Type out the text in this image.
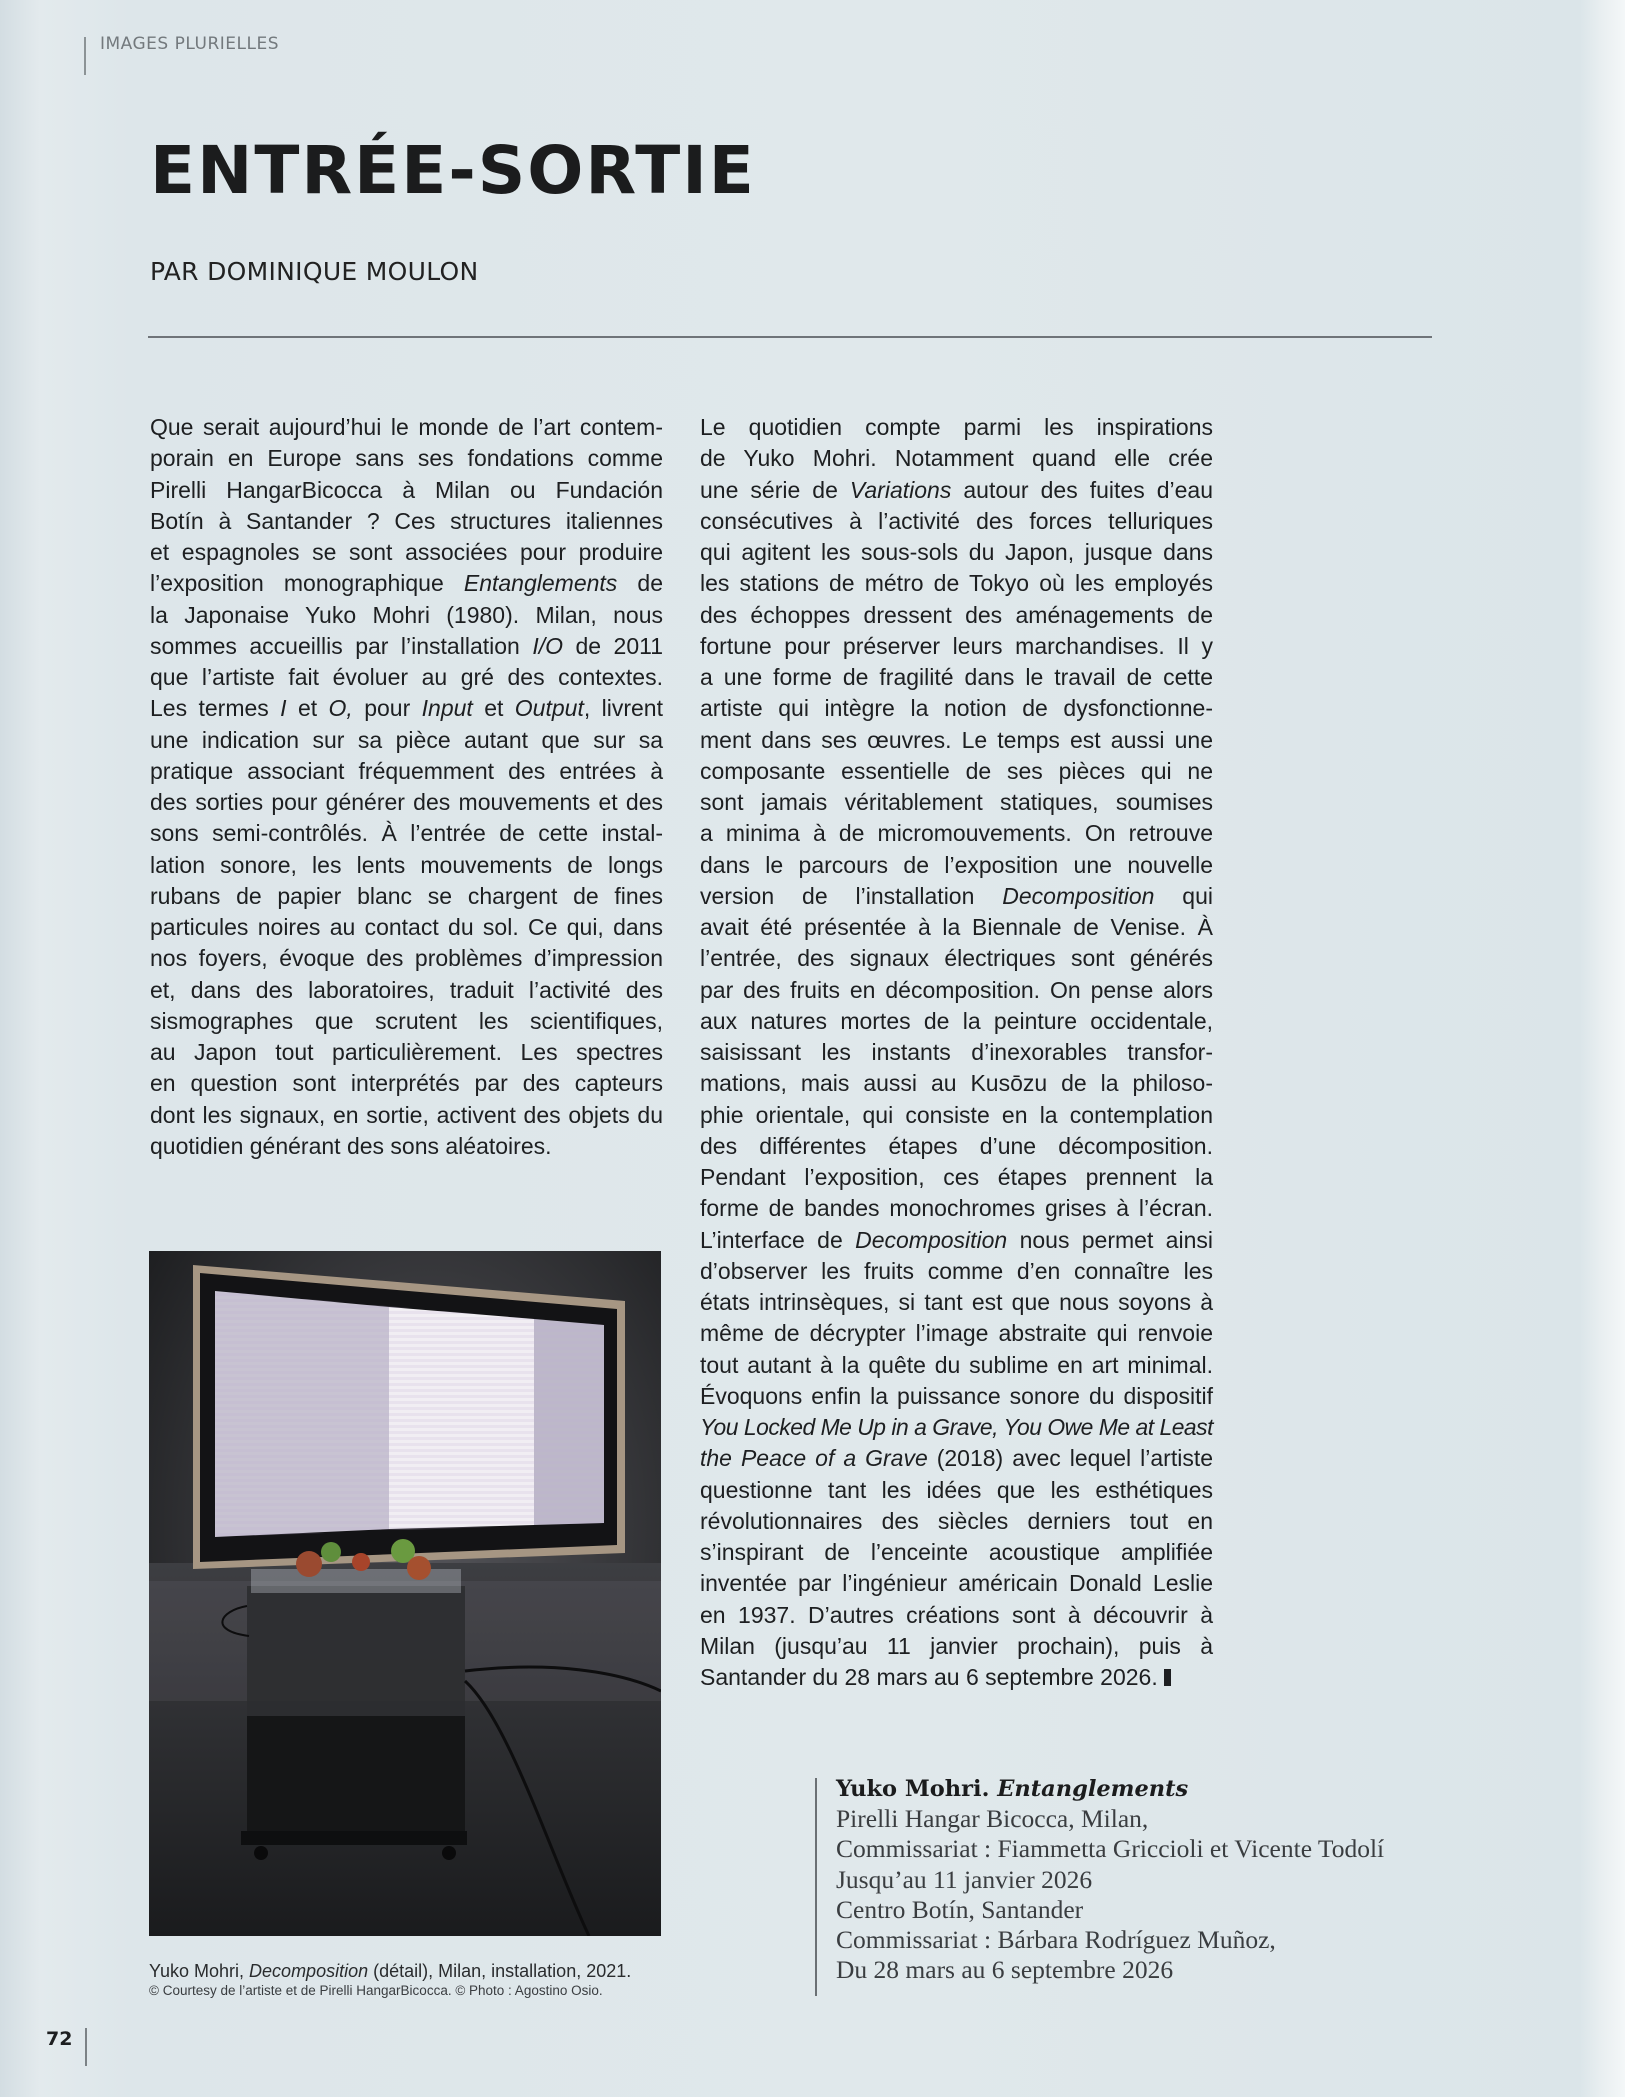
IMAGES PLURIELLES
ENTRÉE-SORTIE
PAR DOMINIQUE MOULON
Que serait aujourd’hui le monde de l’art contem-
porain en Europe sans ses fondations comme
Pirelli HangarBicocca à Milan ou Fundación
Botín à Santander ? Ces structures italiennes
et espagnoles se sont associées pour produire
l’exposition monographique Entanglements de
la Japonaise Yuko Mohri (1980). Milan, nous
sommes accueillis par l’installation I/O de 2011
que l’artiste fait évoluer au gré des contextes.
Les termes I et O, pour Input et Output, livrent
une indication sur sa pièce autant que sur sa
pratique associant fréquemment des entrées à
des sorties pour générer des mouvements et des
sons semi-contrôlés. À l’entrée de cette instal-
lation sonore, les lents mouvements de longs
rubans de papier blanc se chargent de fines
particules noires au contact du sol. Ce qui, dans
nos foyers, évoque des problèmes d’impression
et, dans des laboratoires, traduit l’activité des
sismographes que scrutent les scientifiques,
au Japon tout particulièrement. Les spectres
en question sont interprétés par des capteurs
dont les signaux, en sortie, activent des objets du
quotidien générant des sons aléatoires.
Le quotidien compte parmi les inspirations
de Yuko Mohri. Notamment quand elle crée
une série de Variations autour des fuites d’eau
consécutives à l’activité des forces telluriques
qui agitent les sous-sols du Japon, jusque dans
les stations de métro de Tokyo où les employés
des échoppes dressent des aménagements de
fortune pour préserver leurs marchandises. Il y
a une forme de fragilité dans le travail de cette
artiste qui intègre la notion de dysfonctionne-
ment dans ses œuvres. Le temps est aussi une
composante essentielle de ses pièces qui ne
sont jamais véritablement statiques, soumises
a minima à de micromouvements. On retrouve
dans le parcours de l’exposition une nouvelle
version de l’installation Decomposition qui
avait été présentée à la Biennale de Venise. À
l’entrée, des signaux électriques sont générés
par des fruits en décomposition. On pense alors
aux natures mortes de la peinture occidentale,
saisissant les instants d’inexorables transfor-
mations, mais aussi au Kusōzu de la philoso-
phie orientale, qui consiste en la contemplation
des différentes étapes d’une décomposition.
Pendant l’exposition, ces étapes prennent la
forme de bandes monochromes grises à l’écran.
L’interface de Decomposition nous permet ainsi
d’observer les fruits comme d’en connaître les
états intrinsèques, si tant est que nous soyons à
même de décrypter l’image abstraite qui renvoie
tout autant à la quête du sublime en art minimal.
Évoquons enfin la puissance sonore du dispositif
You Locked Me Up in a Grave, You Owe Me at Least
the Peace of a Grave (2018) avec lequel l’artiste
questionne tant les idées que les esthétiques
révolutionnaires des siècles derniers tout en
s’inspirant de l’enceinte acoustique amplifiée
inventée par l’ingénieur américain Donald Leslie
en 1937. D’autres créations sont à découvrir à
Milan (jusqu’au 11 janvier prochain), puis à
Santander du 28 mars au 6 septembre 2026.
Yuko Mohri, Decomposition (détail), Milan, installation, 2021.
© Courtesy de l’artiste et de Pirelli HangarBicocca. © Photo : Agostino Osio.
Yuko Mohri. Entanglements
Pirelli Hangar Bicocca, Milan,
Commissariat : Fiammetta Griccioli et Vicente Todolí
Jusqu’au 11 janvier 2026
Centro Botín, Santander
Commissariat : Bárbara Rodríguez Muñoz,
Du 28 mars au 6 septembre 2026
72
